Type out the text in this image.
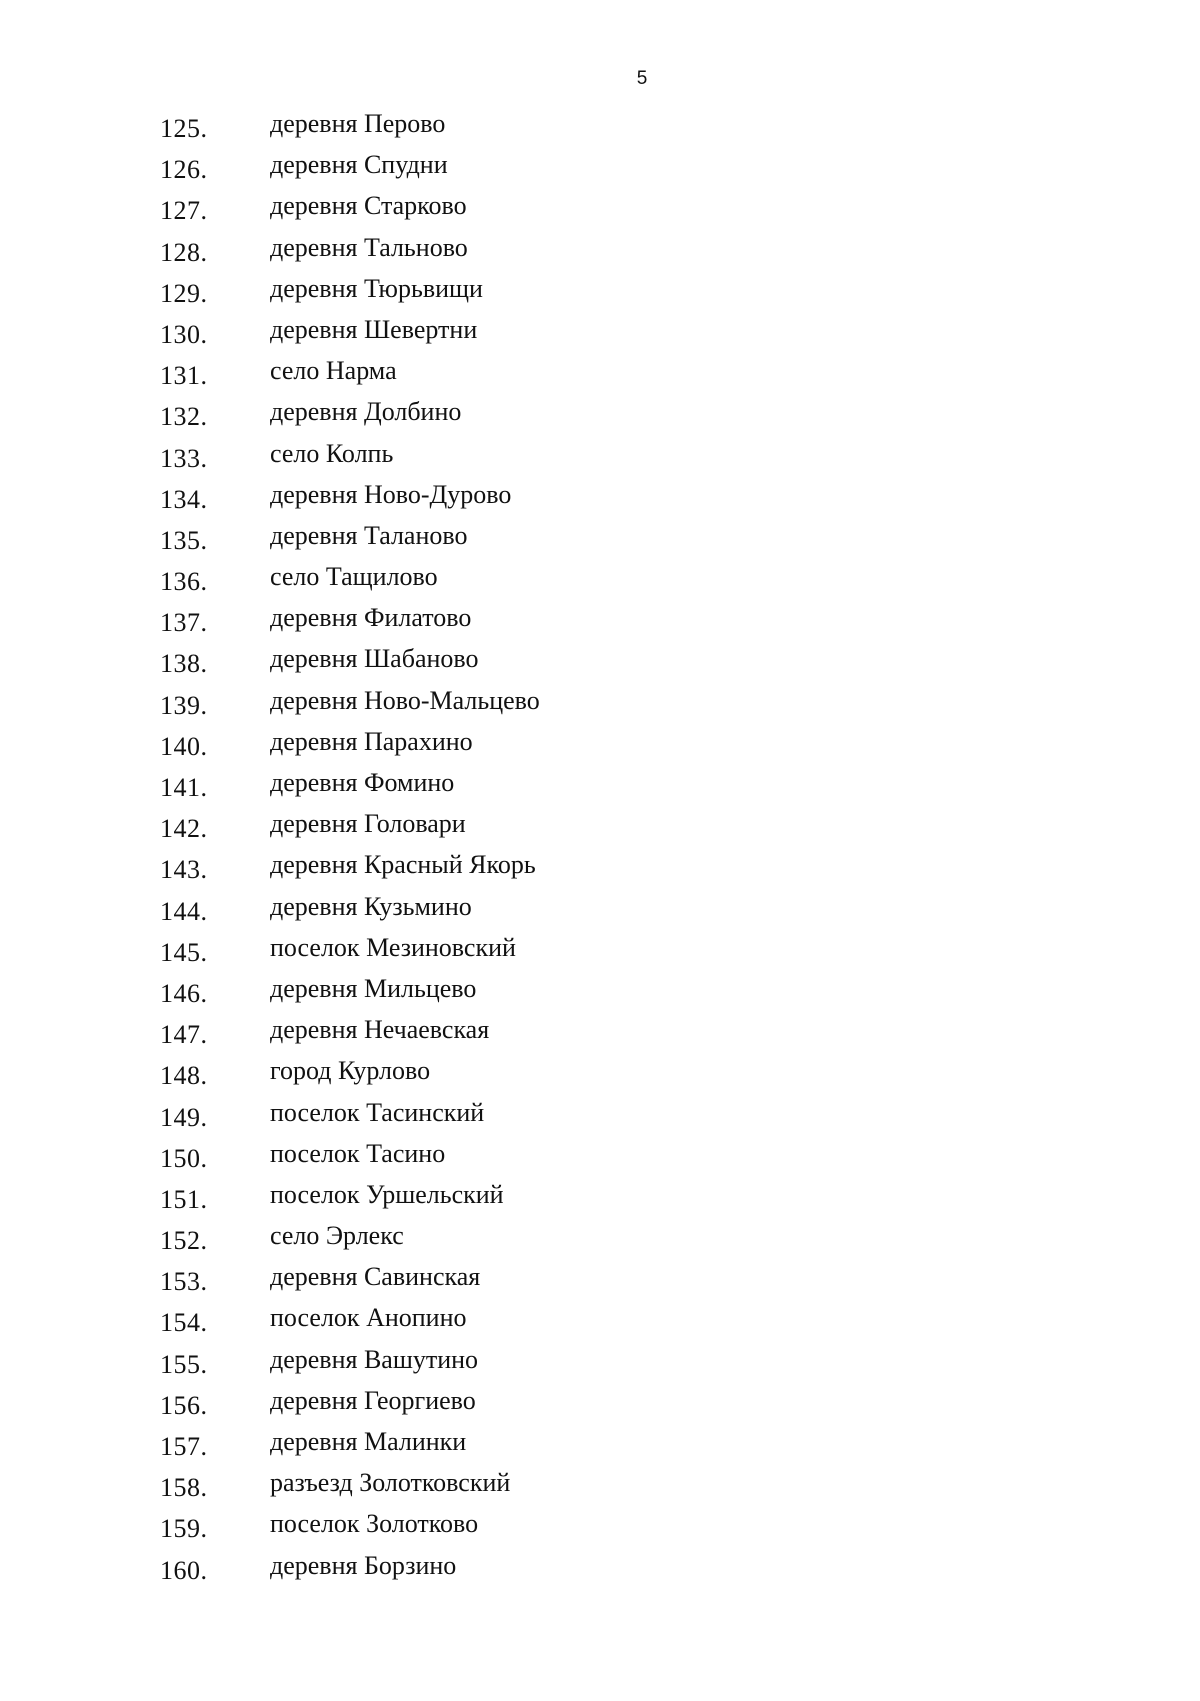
5
125. деревня Перово
126. деревня Спудни
127. деревня Старково
128. деревня Тальново
129. деревня Тюрьвищи
130. деревня Шевертни
131. село Нарма
132. деревня Долбино
133. село Колпь
134. деревня Ново-Дурово
135. деревня Таланово
136. село Тащилово
137. деревня Филатово
138. деревня Шабаново
139. деревня Ново-Мальцево
140. деревня Парахино
141. деревня Фомино
142. деревня Головари
143. деревня Красный Якорь
144. деревня Кузьмино
145. поселок Мезиновский
146. деревня Мильцево
147. деревня Нечаевская
148. город Курлово
149. поселок Тасинский
150. поселок Тасино
151. поселок Уршельский
152. село Эрлекс
153. деревня Савинская
154. поселок Анопино
155. деревня Вашутино
156. деревня Георгиево
157. деревня Малинки
158. разъезд Золотковский
159. поселок Золотково
160. деревня Борзино
